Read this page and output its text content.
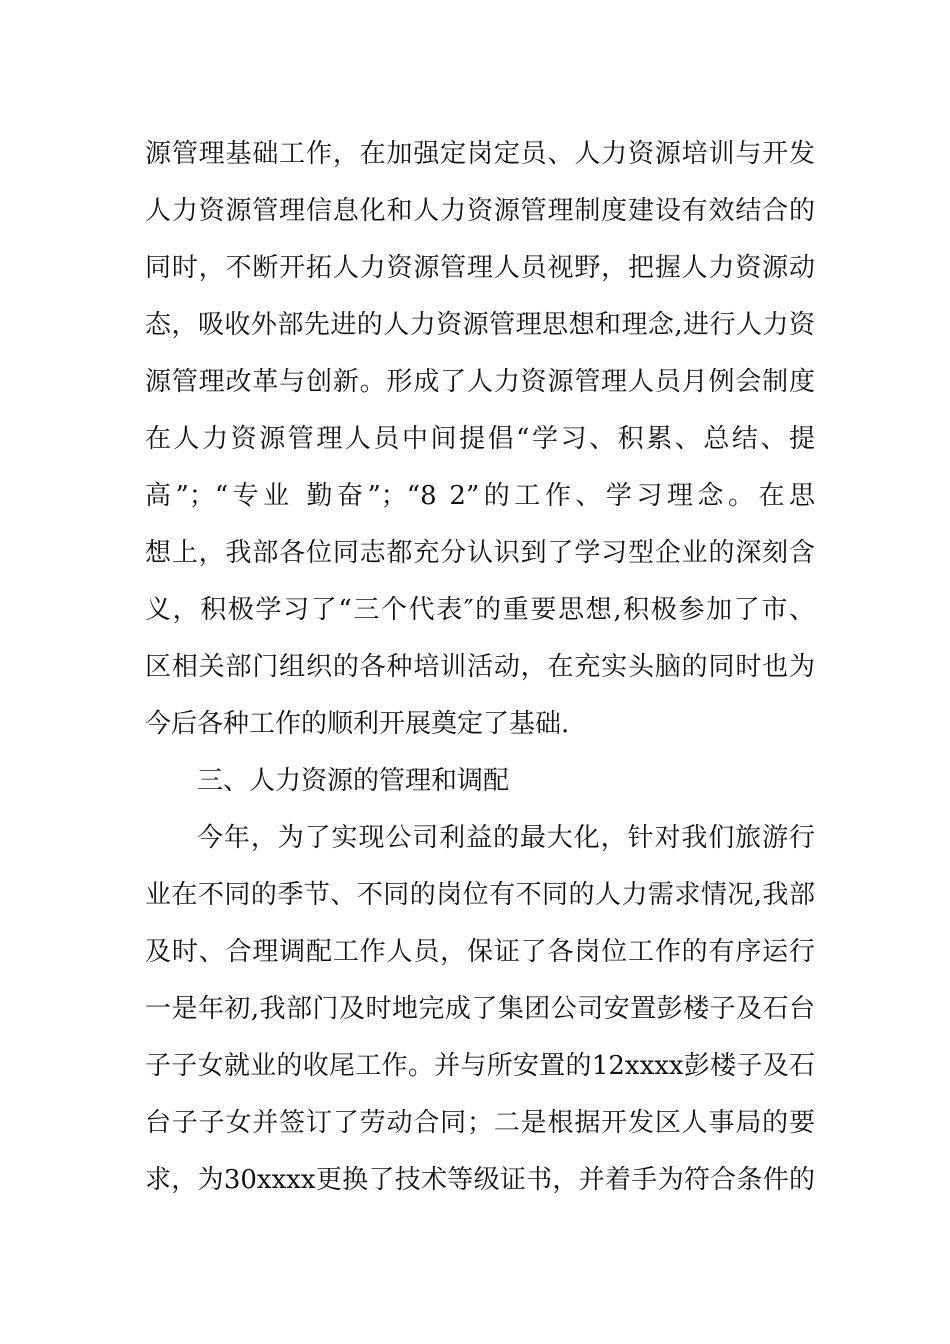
源管理基础工作，在加强定岗定员、人力资源培训与开发
人力资源管理信息化和人力资源管理制度建设有效结合的
同时，不断开拓人力资源管理人员视野，把握人力资源动
态，吸收外部先进的人力资源管理思想和理念,进行人力资
源管理改革与创新。形成了人力资源管理人员月例会制度
在人力资源管理人员中间提倡“学习、积累、总结、提
高”；“专业 勤奋”；“8 2”的工作、学习理念。在思
想上，我部各位同志都充分认识到了学习型企业的深刻含
义，积极学习了“三个代表″的重要思想,积极参加了市、
区相关部门组织的各种培训活动，在充实头脑的同时也为
今后各种工作的顺利开展奠定了基础.
三、人力资源的管理和调配
今年，为了实现公司利益的最大化，针对我们旅游行
业在不同的季节、不同的岗位有不同的人力需求情况,我部
及时、合理调配工作人员，保证了各岗位工作的有序运行
一是年初,我部门及时地完成了集团公司安置彭楼子及石台
子子女就业的收尾工作。并与所安置的12xxxx彭楼子及石
台子子女并签订了劳动合同；二是根据开发区人事局的要
求，为30xxxx更换了技术等级证书，并着手为符合条件的
